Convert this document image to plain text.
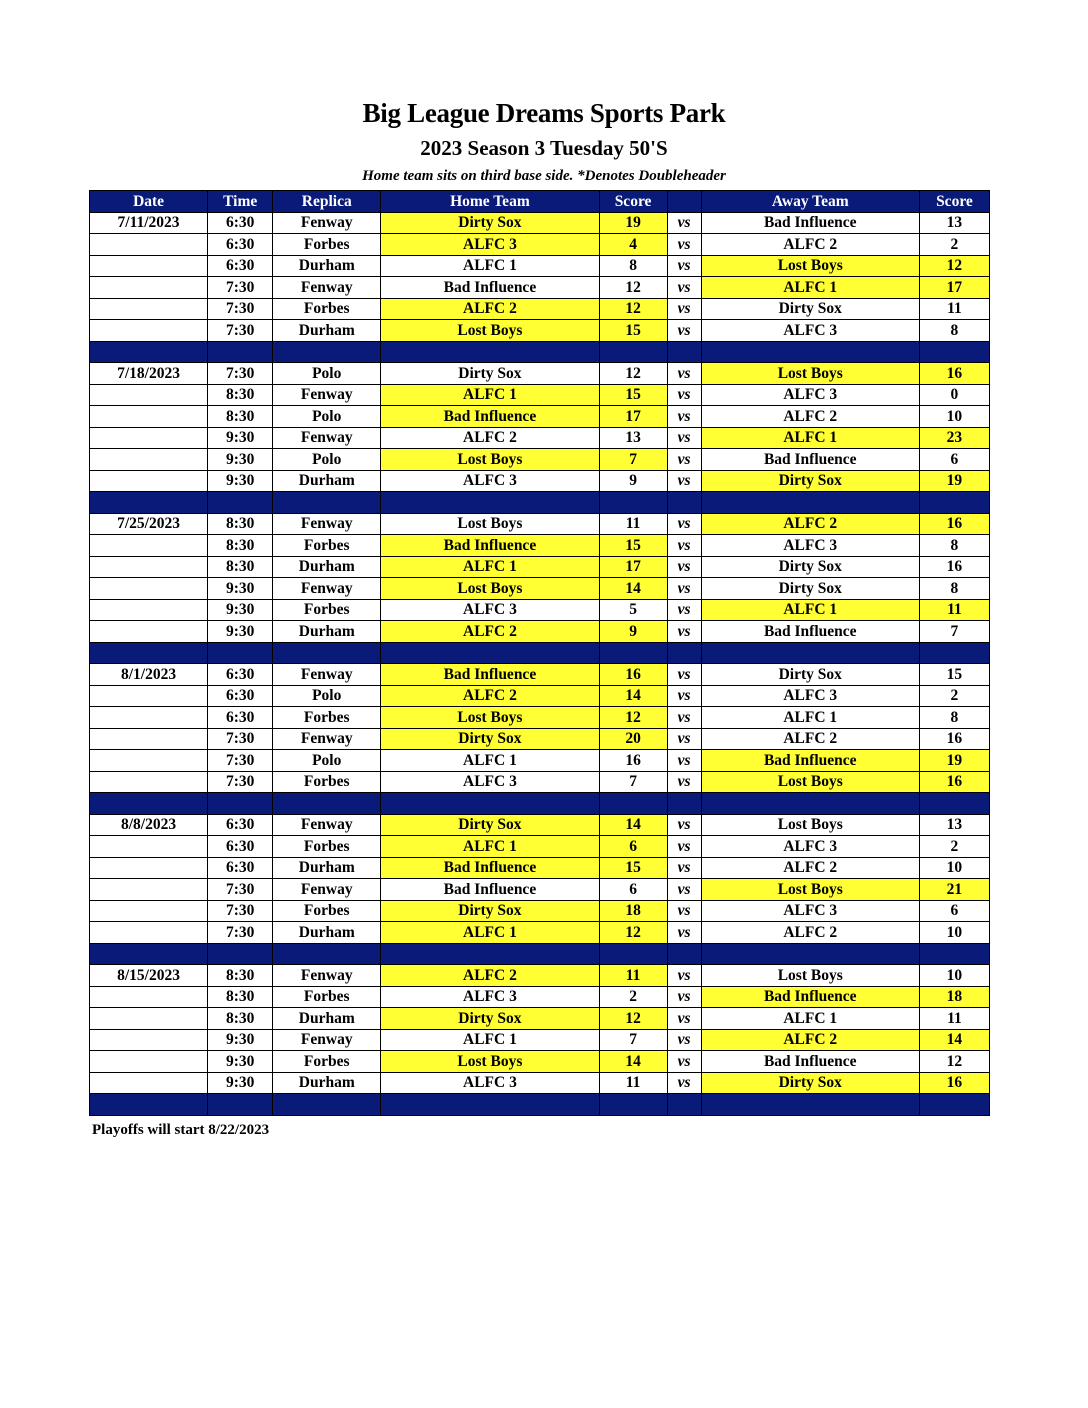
Big League Dreams Sports Park
2023 Season 3 Tuesday 50'S
Home team sits on third base side. *Denotes Doubleheader
Date	Time	Replica	Home Team	Score		Away Team	Score
7/11/2023	6:30	Fenway	Dirty Sox	19	vs	Bad Influence	13
	6:30	Forbes	ALFC 3	4	vs	ALFC 2	2
	6:30	Durham	ALFC 1	8	vs	Lost Boys	12
	7:30	Fenway	Bad Influence	12	vs	ALFC 1	17
	7:30	Forbes	ALFC 2	12	vs	Dirty Sox	11
	7:30	Durham	Lost Boys	15	vs	ALFC 3	8

7/18/2023	7:30	Polo	Dirty Sox	12	vs	Lost Boys	16
	8:30	Fenway	ALFC 1	15	vs	ALFC 3	0
	8:30	Polo	Bad Influence	17	vs	ALFC 2	10
	9:30	Fenway	ALFC 2	13	vs	ALFC 1	23
	9:30	Polo	Lost Boys	7	vs	Bad Influence	6
	9:30	Durham	ALFC 3	9	vs	Dirty Sox	19
							Score
7/25/2023	8:30	Fenway	Lost Boys	11	vs	ALFC 2	16
	8:30	Forbes	Bad Influence	15	vs	ALFC 3	8
	8:30	Durham	ALFC 1	17	vs	Dirty Sox	16
	9:30	Fenway	Lost Boys	14	vs	Dirty Sox	8
	9:30	Forbes	ALFC 3	5	vs	ALFC 1	11
	9:30	Durham	ALFC 2	9	vs	Bad Influence	7

8/1/2023	6:30	Fenway	Bad Influence	16	vs	Dirty Sox	15
	6:30	Polo	ALFC 2	14	vs	ALFC 3	2
	6:30	Forbes	Lost Boys	12	vs	ALFC 1	8
	7:30	Fenway	Dirty Sox	20	vs	ALFC 2	16
	7:30	Polo	ALFC 1	16	vs	Bad Influence	19
	7:30	Forbes	ALFC 3	7	vs	Lost Boys	16

8/8/2023	6:30	Fenway	Dirty Sox	14	vs	Lost Boys	13
	6:30	Forbes	ALFC 1	6	vs	ALFC 3	2
	6:30	Durham	Bad Influence	15	vs	ALFC 2	10
	7:30	Fenway	Bad Influence	6	vs	Lost Boys	21
	7:30	Forbes	Dirty Sox	18	vs	ALFC 3	6
	7:30	Durham	ALFC 1	12	vs	ALFC 2	10

8/15/2023	8:30	Fenway	ALFC 2	11	vs	Lost Boys	10
	8:30	Forbes	ALFC 3	2	vs	Bad Influence	18
	8:30	Durham	Dirty Sox	12	vs	ALFC 1	11
	9:30	Fenway	ALFC 1	7	vs	ALFC 2	14
	9:30	Forbes	Lost Boys	14	vs	Bad Influence	12
	9:30	Durham	ALFC 3	11	vs	Dirty Sox	16

Playoffs will start 8/22/2023
